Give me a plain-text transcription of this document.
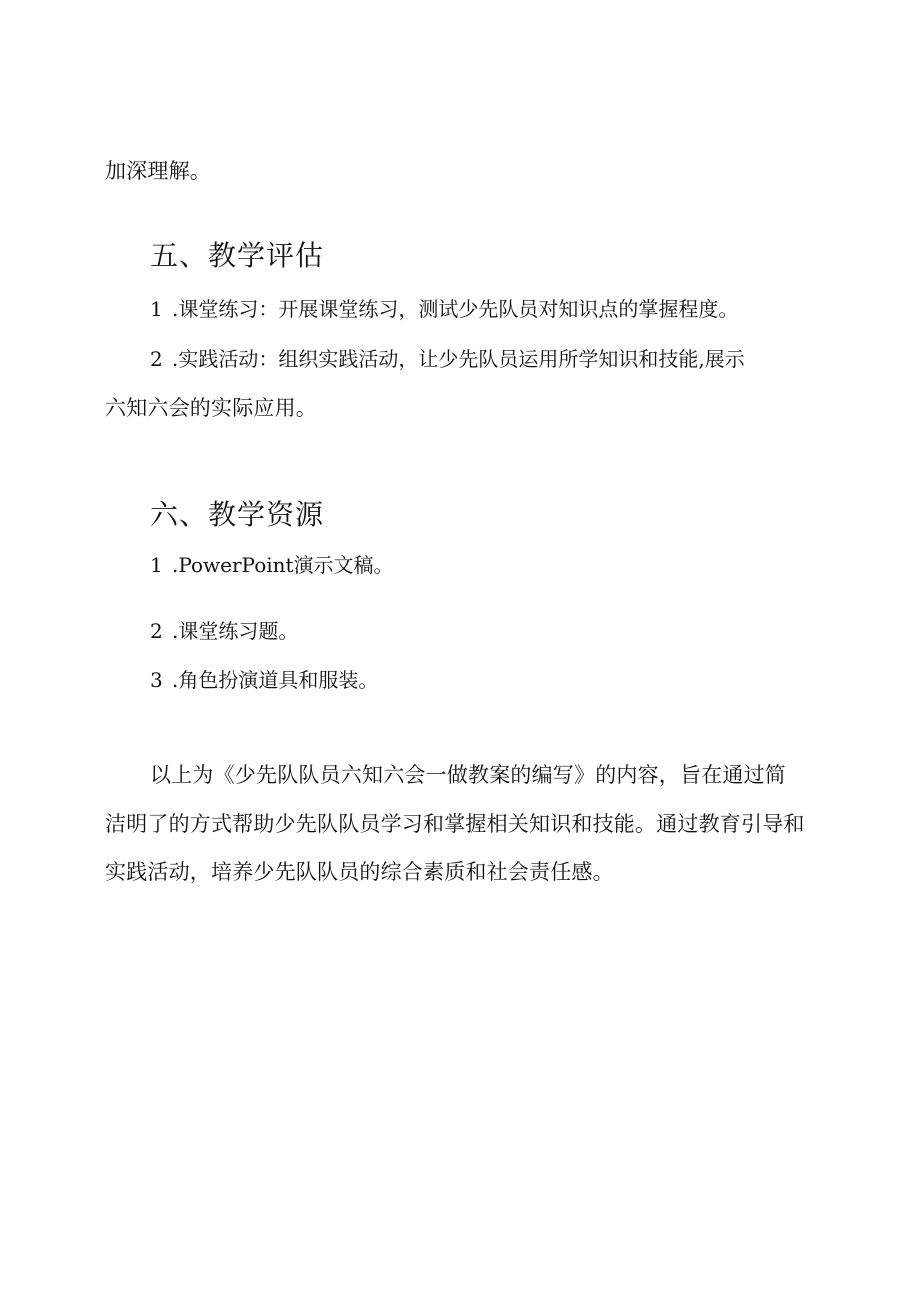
加深理解。
五、教学评估
1 .课堂练习：开展课堂练习，测试少先队员对知识点的掌握程度。
2 .实践活动：组织实践活动，让少先队员运用所学知识和技能,展示
六知六会的实际应用。
六、教学资源
1 .PowerPoint演示文稿。
2 .课堂练习题。
3 .角色扮演道具和服装。
以上为《少先队队员六知六会一做教案的编写》的内容，旨在通过简
洁明了的方式帮助少先队队员学习和掌握相关知识和技能。通过教育引导和
实践活动，培养少先队队员的综合素质和社会责任感。
